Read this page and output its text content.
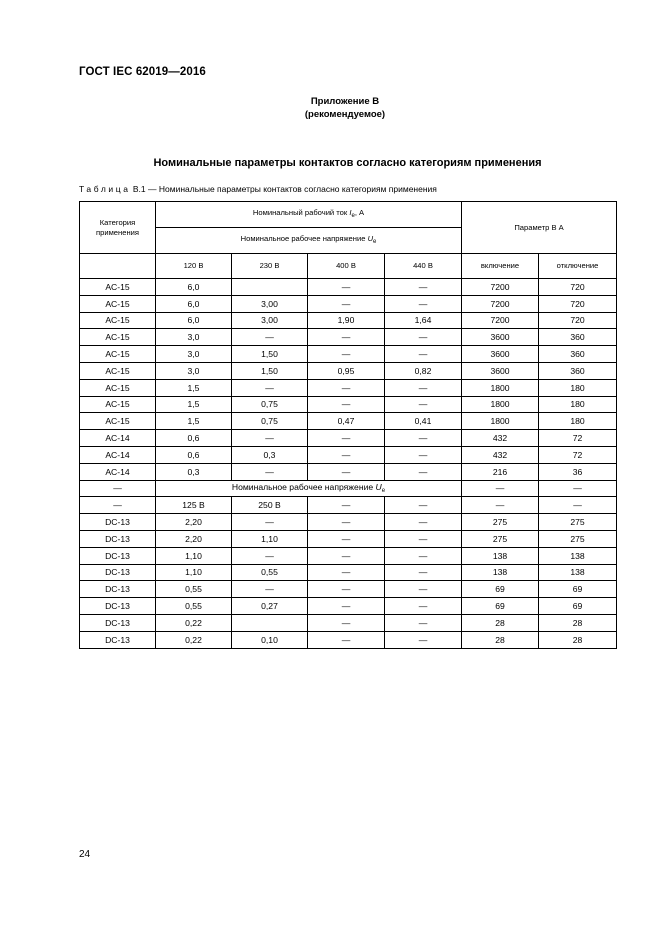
ГОСТ IEC 62019—2016
Приложение В
(рекомендуемое)
Номинальные параметры контактов согласно категориям применения
Таблица В.1 — Номинальные параметры контактов согласно категориям применения
Категория применения	Номинальный рабочий ток $I_e$, А				Параметр В А	
	Номинальное рабочее напряжение $U_e$
	120 В	230 В	400 В	440 В	включение	отключение
AC-15	6,0		—	—	7200	720
AC-15	6,0	3,00	—	—	7200	720
AC-15	6,0	3,00	1,90	1,64	7200	720
AC-15	3,0	—	—	—	3600	360
AC-15	3,0	1,50	—	—	3600	360
AC-15	3,0	1,50	0,95	0,82	3600	360
AC-15	1,5	—	—	—	1800	180
AC-15	1,5	0,75	—	—	1800	180
AC-15	1,5	0,75	0,47	0,41	1800	180
AC-14	0,6	—	—	—	432	72
AC-14	0,6	0,3	—	—	432	72
AC-14	0,3	—	—	—	216	36
—	Номинальное рабочее напряжение $U_e$				—	—
—	125 В	250 В	—	—	—	—
DC-13	2,20	—	—	—	275	275
DC-13	2,20	1,10	—	—	275	275
DC-13	1,10	—	—	—	138	138
DC-13	1,10	0,55	—	—	138	138
DC-13	0,55	—	—	—	69	69
DC-13	0,55	0,27	—	—	69	69
DC-13	0,22		—	—	28	28
DC-13	0,22	0,10	—	—	28	28
24
